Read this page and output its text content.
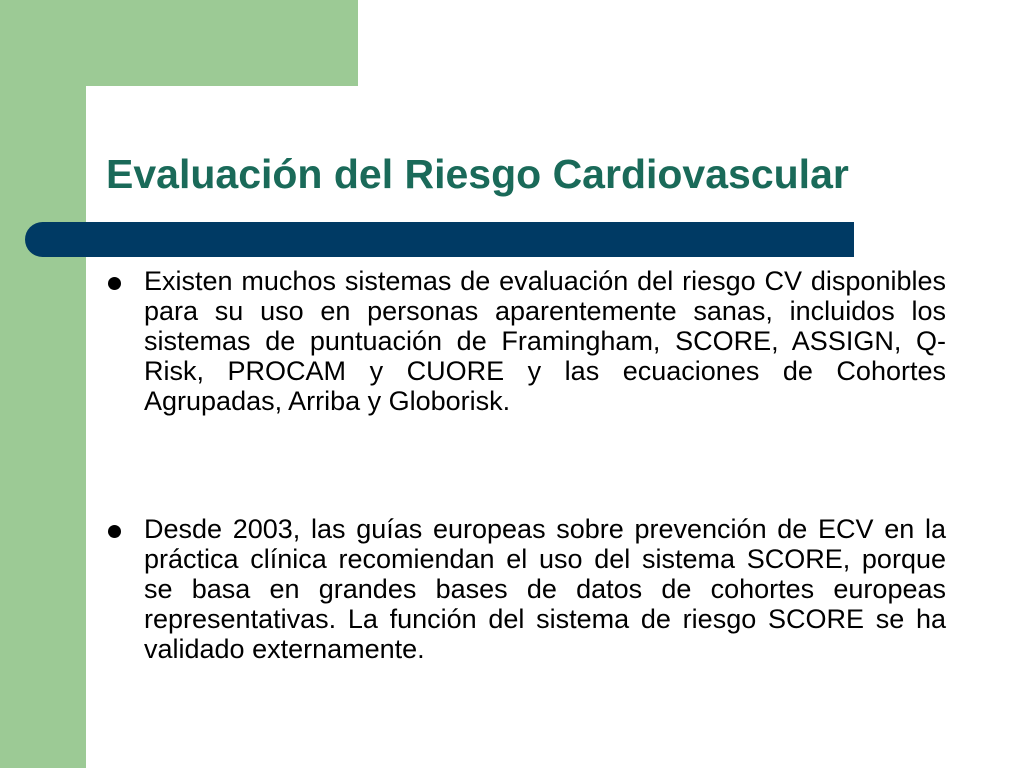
Evaluación del Riesgo Cardiovascular
Existen muchos sistemas de evaluación del riesgo CV disponibles para su uso en personas aparentemente sanas, incluidos los sistemas de puntuación de Framingham, SCORE, ASSIGN, Q-Risk, PROCAM y CUORE y las ecuaciones de Cohortes Agrupadas, Arriba y Globorisk.
Desde 2003, las guías europeas sobre prevención de ECV en la práctica clínica recomiendan el uso del sistema SCORE, porque se basa en grandes bases de datos de cohortes europeas representativas. La función del sistema de riesgo SCORE se ha validado externamente.
